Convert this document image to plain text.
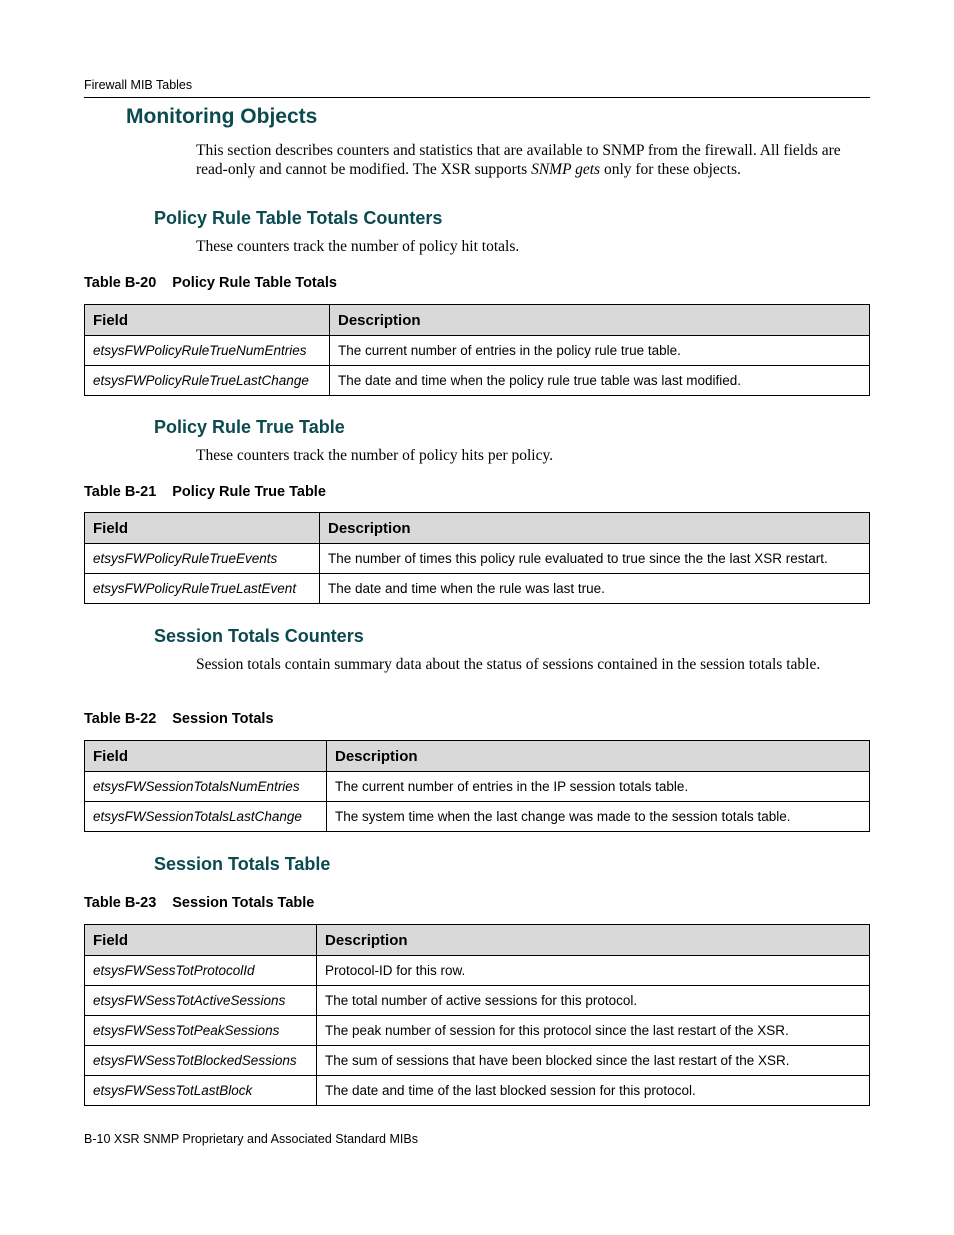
Firewall MIB Tables
Monitoring Objects

This section describes counters and statistics that are available to SNMP from the firewall. All fields are read-only and cannot be modified. The XSR supports SNMP gets only for these objects.

Policy Rule Table Totals Counters

These counters track the number of policy hit totals.

Table B-20 Policy Rule Table Totals

Field	Description
etsysFWPolicyRuleTrueNumEntries	The current number of entries in the policy rule true table.
etsysFWPolicyRuleTrueLastChange	The date and time when the policy rule true table was last modified.
Policy Rule True Table

These counters track the number of policy hits per policy.

Table B-21 Policy Rule True Table

Field	Description
etsysFWPolicyRuleTrueEvents	The number of times this policy rule evaluated to true since the the last XSR restart.
etsysFWPolicyRuleTrueLastEvent	The date and time when the rule was last true.
Session Totals Counters

Session totals contain summary data about the status of sessions contained in the session totals table.

Table B-22 Session Totals

Field	Description
etsysFWSessionTotalsNumEntries	The current number of entries in the IP session totals table.
etsysFWSessionTotalsLastChange	The system time when the last change was made to the session totals table.
Session Totals Table

Table B-23 Session Totals Table

Field	Description
etsysFWSessTotProtocolId	Protocol-ID for this row.
etsysFWSessTotActiveSessions	The total number of active sessions for this protocol.
etsysFWSessTotPeakSessions	The peak number of session for this protocol since the last restart of the XSR.
etsysFWSessTotBlockedSessions	The sum of sessions that have been blocked since the last restart of the XSR.
etsysFWSessTotLastBlock	The date and time of the last blocked session for this protocol.
B-10 XSR SNMP Proprietary and Associated Standard MIBs
